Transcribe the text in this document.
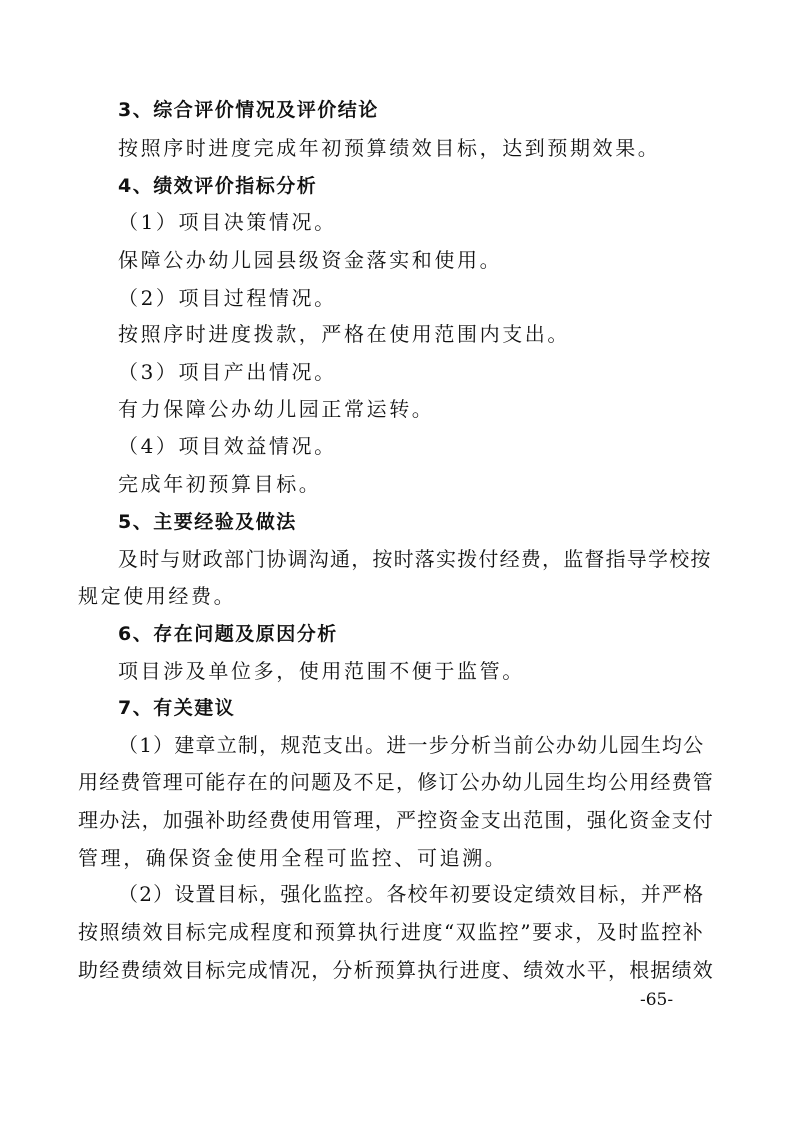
3、综合评价情况及评价结论
按照序时进度完成年初预算绩效目标，达到预期效果。
4、绩效评价指标分析
（1）项目决策情况。
保障公办幼儿园县级资金落实和使用。
（2）项目过程情况。
按照序时进度拨款，严格在使用范围内支出。
（3）项目产出情况。
有力保障公办幼儿园正常运转。
（4）项目效益情况。
完成年初预算目标。
5、主要经验及做法
及时与财政部门协调沟通，按时落实拨付经费，监督指导学校按
规定使用经费。
6、存在问题及原因分析
项目涉及单位多，使用范围不便于监管。
7、有关建议
（1）建章立制，规范支出。进一步分析当前公办幼儿园生均公
用经费管理可能存在的问题及不足，修订公办幼儿园生均公用经费管
理办法，加强补助经费使用管理，严控资金支出范围，强化资金支付
管理，确保资金使用全程可监控、可追溯。
（2）设置目标，强化监控。各校年初要设定绩效目标，并严格
按照绩效目标完成程度和预算执行进度“双监控”要求，及时监控补
助经费绩效目标完成情况，分析预算执行进度、绩效水平，根据绩效
-65-
